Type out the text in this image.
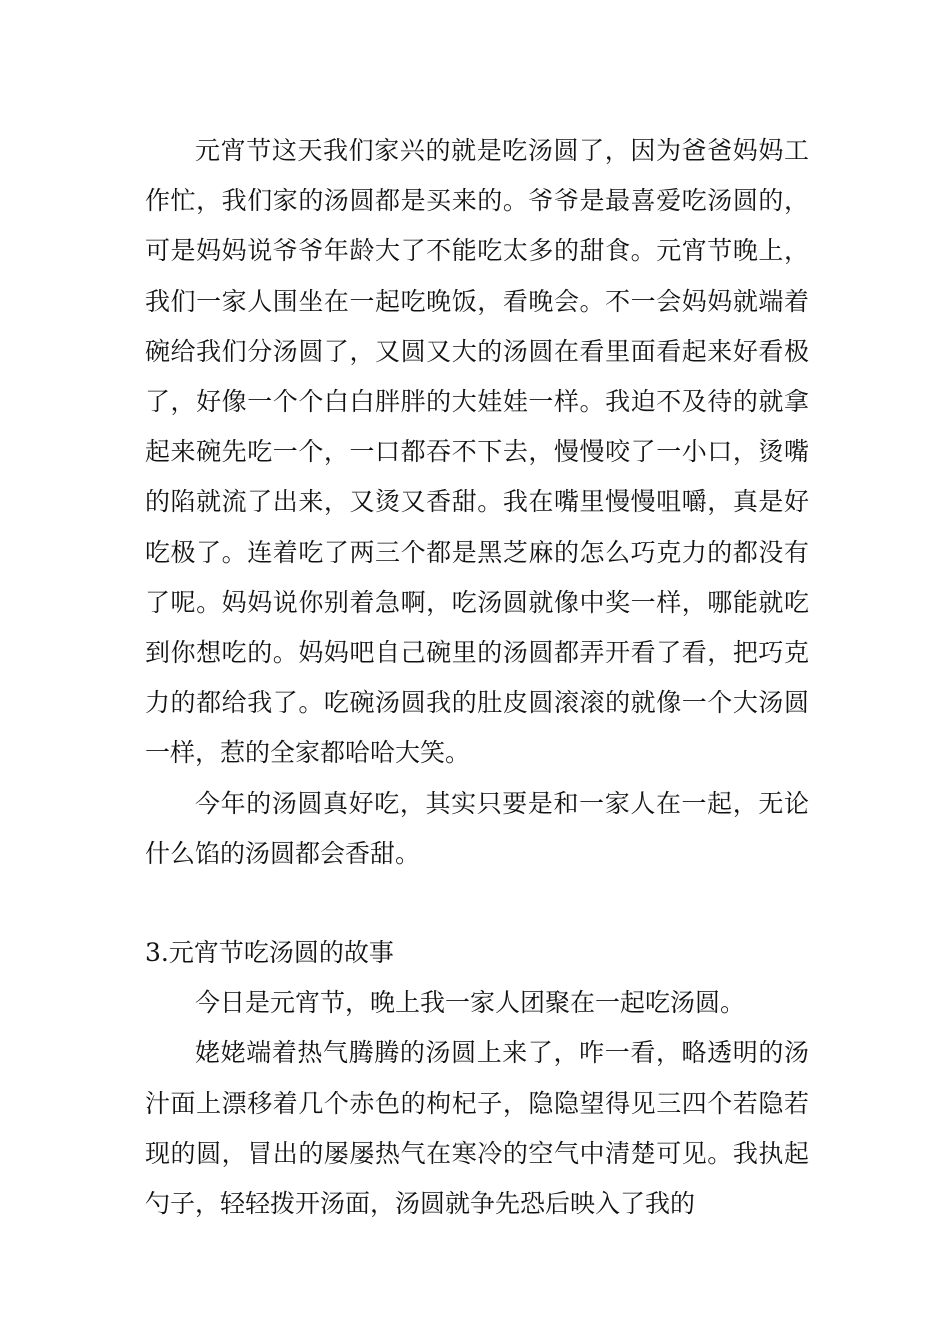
元宵节这天我们家兴的就是吃汤圆了，因为爸爸妈妈工作忙，我们家的汤圆都是买来的。爷爷是最喜爱吃汤圆的，可是妈妈说爷爷年龄大了不能吃太多的甜食。元宵节晚上，我们一家人围坐在一起吃晚饭，看晚会。不一会妈妈就端着碗给我们分汤圆了，又圆又大的汤圆在看里面看起来好看极了，好像一个个白白胖胖的大娃娃一样。我迫不及待的就拿起来碗先吃一个，一口都吞不下去，慢慢咬了一小口，烫嘴的陷就流了出来，又烫又香甜。我在嘴里慢慢咀嚼，真是好吃极了。连着吃了两三个都是黑芝麻的怎么巧克力的都没有了呢。妈妈说你别着急啊，吃汤圆就像中奖一样，哪能就吃到你想吃的。妈妈吧自己碗里的汤圆都弄开看了看，把巧克力的都给我了。吃碗汤圆我的肚皮圆滚滚的就像一个大汤圆一样，惹的全家都哈哈大笑。

今年的汤圆真好吃，其实只要是和一家人在一起，无论什么馅的汤圆都会香甜。

3.元宵节吃汤圆的故事

今日是元宵节，晚上我一家人团聚在一起吃汤圆。

姥姥端着热气腾腾的汤圆上来了，咋一看，略透明的汤汁面上漂移着几个赤色的枸杞子，隐隐望得见三四个若隐若现的圆，冒出的屡屡热气在寒冷的空气中清楚可见。我执起勺子，轻轻拨开汤面，汤圆就争先恐后映入了我的
